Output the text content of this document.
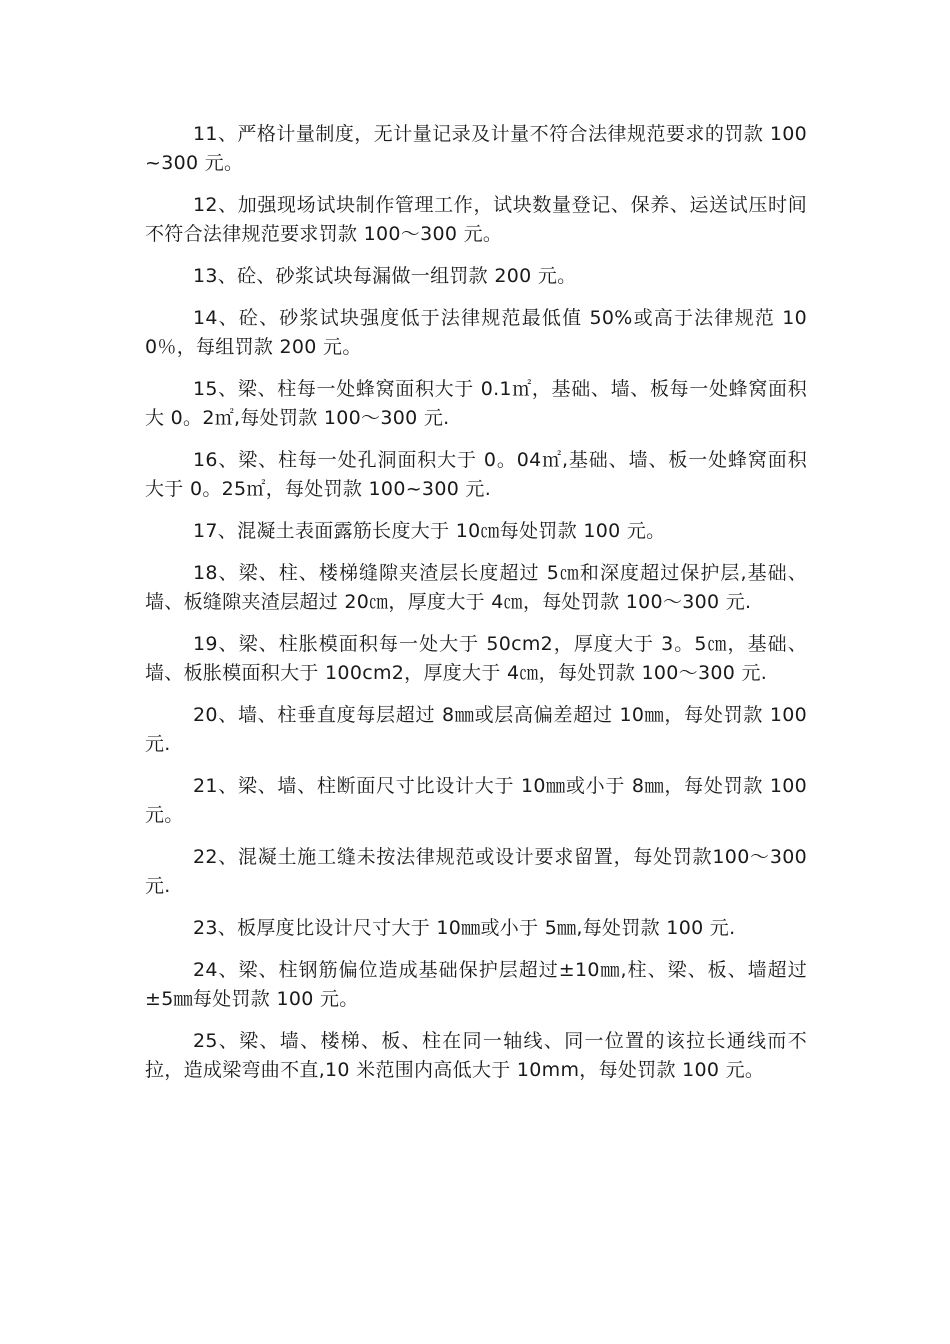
11、严格计量制度，无计量记录及计量不符合法律规范要求的罚款 100~300 元。

12、加强现场试块制作管理工作，试块数量登记、保养、运送试压时间不符合法律规范要求罚款 100～300 元。

13、砼、砂浆试块每漏做一组罚款 200 元。

14、砼、砂浆试块强度低于法律规范最低值 50%或高于法律规范 100％，每组罚款 200 元。

15、梁、柱每一处蜂窝面积大于 0.1㎡，基础、墙、板每一处蜂窝面积大 0。2㎡,每处罚款 100～300 元.

16、梁、柱每一处孔洞面积大于 0。04㎡,基础、墙、板一处蜂窝面积大于 0。25㎡，每处罚款 100~300 元.

17、混凝土表面露筋长度大于 10㎝每处罚款 100 元。

18、梁、柱、楼梯缝隙夹渣层长度超过 5㎝和深度超过保护层,基础、墙、板缝隙夹渣层超过 20㎝，厚度大于 4㎝，每处罚款 100～300 元.

19、梁、柱胀模面积每一处大于 50cm2，厚度大于 3。5㎝，基础、墙、板胀模面积大于 100cm2，厚度大于 4㎝，每处罚款 100～300 元.

20、墙、柱垂直度每层超过 8㎜或层高偏差超过 10㎜，每处罚款 100 元.

21、梁、墙、柱断面尺寸比设计大于 10㎜或小于 8㎜，每处罚款 100 元。

22、混凝土施工缝未按法律规范或设计要求留置，每处罚款100～300 元.

23、板厚度比设计尺寸大于 10㎜或小于 5㎜,每处罚款 100 元.

24、梁、柱钢筋偏位造成基础保护层超过±10㎜,柱、梁、板、墙超过±5㎜每处罚款 100 元。

25、梁、墙、楼梯、板、柱在同一轴线、同一位置的该拉长通线而不拉，造成梁弯曲不直,10 米范围内高低大于 10mm，每处罚款 100 元。
